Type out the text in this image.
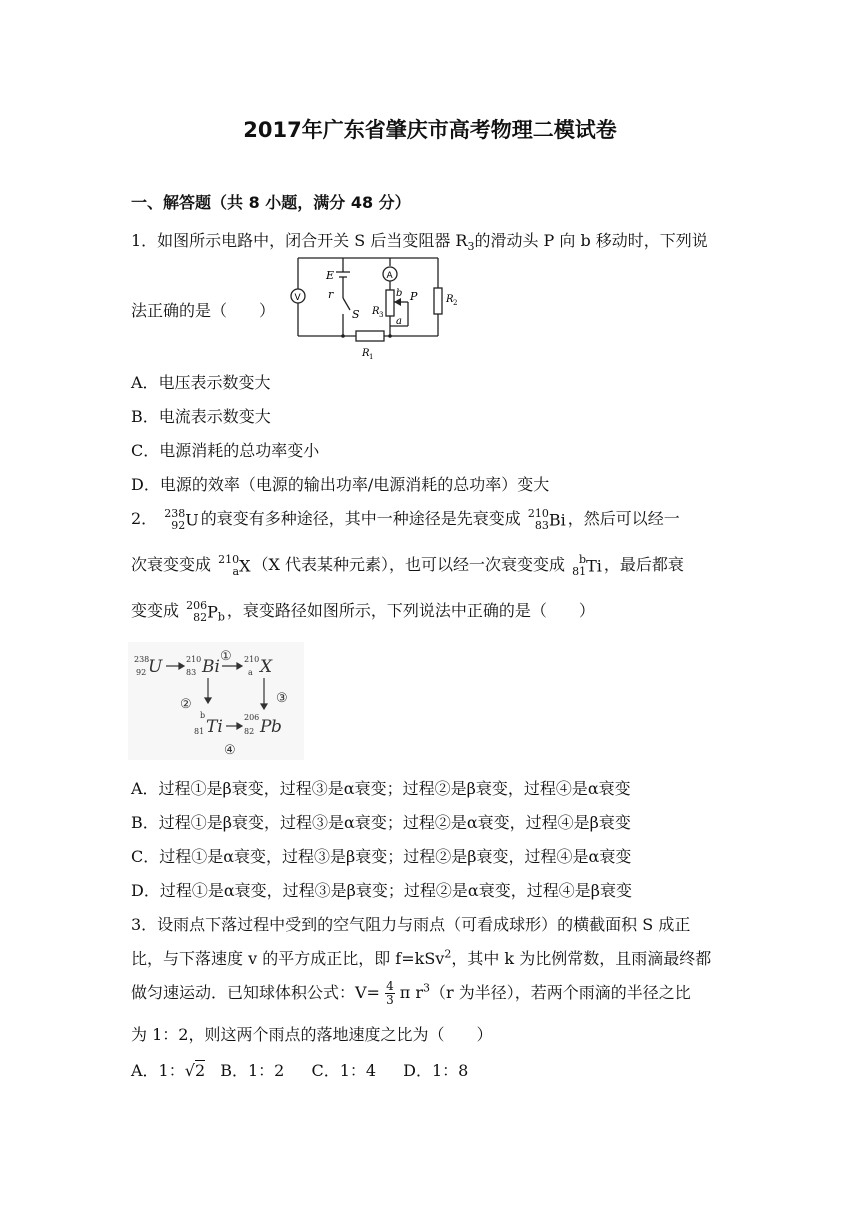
2017年广东省肇庆市高考物理二模试卷
一、解答题（共 8 小题，满分 48 分）
1．如图所示电路中，闭合开关 S 后当变阻器 $R_3$的滑动头 P 向 b 移动时，下列说
法正确的是（　　）
E
r
S
V
A
b P
a
R 3
R 1
R 2
A．电压表示数变大
B．电流表示数变大
C．电源消耗的总功率变小
D．电源的效率（电源的输出功率/电源消耗的总功率）变大
2． 238
92 U 的衰变有多种途径，其中一种途径是先衰变成 210
83 Bi ，然后可以经一
次衰变变成 210
a X （X 代表某种元素），也可以经一次衰变变成 b
81 Ti ，最后都衰
变变成 206
82 $P_b$ ，衰变路径如图所示，下列说法中正确的是（　　）
238
92 U	210
83 Bi	210
a X
①
②	③
b
81 Ti	206
82 P b
④
A．过程①是β衰变，过程③是α衰变；过程②是β衰变，过程④是α衰变
B．过程①是β衰变，过程③是α衰变；过程②是α衰变，过程④是β衰变
C．过程①是α衰变，过程③是β衰变；过程②是β衰变，过程④是α衰变
D．过程①是α衰变，过程③是β衰变；过程②是α衰变，过程④是β衰变
3．设雨点下落过程中受到的空气阻力与雨点（可看成球形）的横截面积 S 成正
比，与下落速度 v 的平方成正比，即 f=kSv$^2$，其中 k 为比例常数，且雨滴最终都
做匀速运动．已知球体积公式：$V= \frac{4}{3}$ π $r^3(r$ 为半径），若两个雨滴的半径之比
为 1：2，则这两个雨点的落地速度之比为（　　）
A．1：√2 B．1：2 C．1：4 D．1：8
